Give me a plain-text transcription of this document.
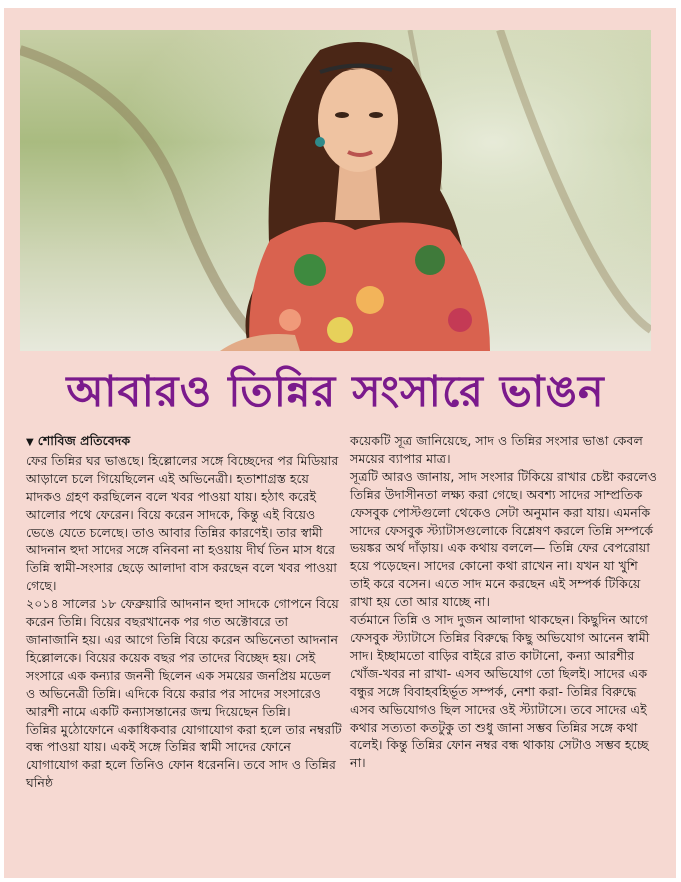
আবারও তিন্নির সংসারে ভাঙন
▼ শোবিজ প্রতিবেদক

ফের তিন্নির ঘর ভাঙছে। হিল্লোলের সঙ্গে বিচ্ছেদের পর মিডিয়ার আড়ালে চলে গিয়েছিলেন এই অভিনেত্রী। হতাশাগ্রস্ত হয়ে মাদকও গ্রহণ করছিলেন বলে খবর পাওয়া যায়। হঠাৎ করেই আলোর পথে ফেরেন। বিয়ে করেন সাদকে, কিন্তু এই বিয়েও ভেঙে যেতে চলেছে। তাও আবার তিন্নির কারণেই। তার স্বামী আদনান হুদা সাদের সঙ্গে বনিবনা না হওয়ায় দীর্ঘ তিন মাস ধরে তিন্নি স্বামী-সংসার ছেড়ে আলাদা বাস করছেন বলে খবর পাওয়া গেছে।

২০১৪ সালের ১৮ ফেব্রুয়ারি আদনান হুদা সাদকে গোপনে বিয়ে করেন তিন্নি। বিয়ের বছরখানেক পর গত অক্টোবরে তা জানাজানি হয়। এর আগে তিন্নি বিয়ে করেন অভিনেতা আদনান হিল্লোলকে। বিয়ের কয়েক বছর পর তাদের বিচ্ছেদ হয়। সেই সংসারে এক কন্যার জননী ছিলেন এক সময়ের জনপ্রিয় মডেল ও অভিনেত্রী তিন্নি। এদিকে বিয়ে করার পর সাদের সংসারেও আরশী নামে একটি কন্যাসন্তানের জন্ম দিয়েছেন তিন্নি।

তিন্নির মুঠোফোনে একাধিকবার যোগাযোগ করা হলে তার নম্বরটি বন্ধ পাওয়া যায়। একই সঙ্গে তিন্নির স্বামী সাদের ফোনে যোগাযোগ করা হলে তিনিও ফোন ধরেননি। তবে সাদ ও তিন্নির ঘনিষ্ঠ

কয়েকটি সূত্র জানিয়েছে, সাদ ও তিন্নির সংসার ভাঙা কেবল

সময়ের ব্যাপার মাত্র।

সূত্রটি আরও জানায়, সাদ সংসার টিকিয়ে রাখার চেষ্টা করলেও তিন্নির উদাসীনতা লক্ষ্য করা গেছে। অবশ্য সাদের সাম্প্রতিক ফেসবুক পোস্টগুলো থেকেও সেটা অনুমান করা যায়। এমনকি সাদের ফেসবুক স্ট্যাটাসগুলোকে বিশ্লেষণ করলে তিন্নি সম্পর্কে ভয়ঙ্কর অর্থ দাঁড়ায়। এক কথায় বললে— তিন্নি ফের বেপরোয়া হয়ে পড়েছেন। সাদের কোনো কথা রাখেন না। যখন যা খুশি তাই করে বসেন। এতে সাদ মনে করছেন এই সম্পর্ক টিকিয়ে রাখা হয় তো আর যাচ্ছে না।

বর্তমানে তিন্নি ও সাদ দুজন আলাদা থাকছেন। কিছুদিন আগে ফেসবুক স্ট্যাটাসে তিন্নির বিরুদ্ধে কিছু অভিযোগ আনেন স্বামী সাদ। ইচ্ছামতো বাড়ির বাইরে রাত কাটানো, কন্যা আরশীর খোঁজ-খবর না রাখা- এসব অভিযোগ তো ছিলই। সাদের এক বন্ধুর সঙ্গে বিবাহবহির্ভূত সম্পর্ক, নেশা করা- তিন্নির বিরুদ্ধে এসব অভিযোগও ছিল সাদের ওই স্ট্যাটাসে। তবে সাদের এই কথার সত্যতা কতটুকু তা শুধু জানা সম্ভব তিন্নির সঙ্গে কথা বলেই। কিন্তু তিন্নির ফোন নম্বর বন্ধ থাকায় সেটাও সম্ভব হচ্ছে না।
